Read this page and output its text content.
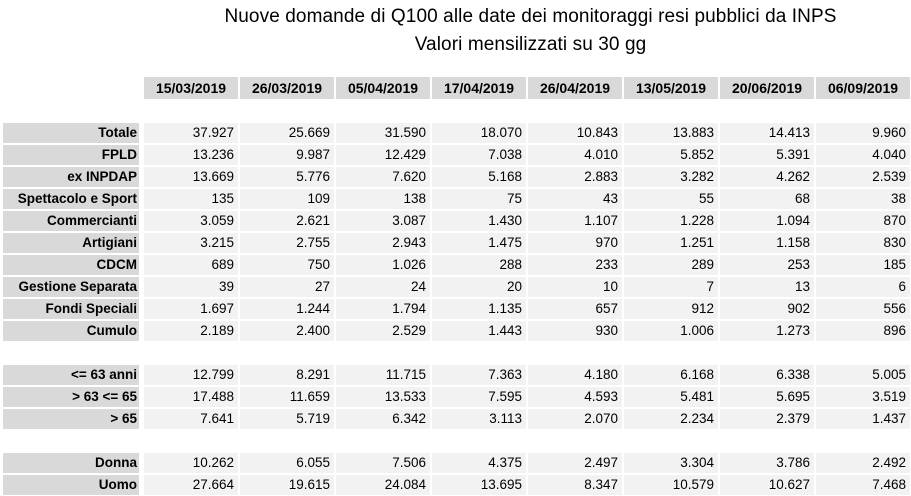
Nuove domande di Q100 alle date dei monitoraggi resi pubblici da INPS
Valori mensilizzati su 30 gg
15/03/2019	26/03/2019	05/04/2019	17/04/2019	26/04/2019	13/05/2019	20/06/2019	06/09/2019
Totale	37.927	25.669	31.590	18.070	10.843	13.883	14.413	9.960
FPLD	13.236	9.987	12.429	7.038	4.010	5.852	5.391	4.040
ex INPDAP	13.669	5.776	7.620	5.168	2.883	3.282	4.262	2.539
Spettacolo e Sport	135	109	138	75	43	55	68	38
Commercianti	3.059	2.621	3.087	1.430	1.107	1.228	1.094	870
Artigiani	3.215	2.755	2.943	1.475	970	1.251	1.158	830
CDCM	689	750	1.026	288	233	289	253	185
Gestione Separata	39	27	24	20	10	7	13	6
Fondi Speciali	1.697	1.244	1.794	1.135	657	912	902	556
Cumulo	2.189	2.400	2.529	1.443	930	1.006	1.273	896
<= 63 anni	12.799	8.291	11.715	7.363	4.180	6.168	6.338	5.005
> 63 <= 65	17.488	11.659	13.533	7.595	4.593	5.481	5.695	3.519
> 65	7.641	5.719	6.342	3.113	2.070	2.234	2.379	1.437
Donna	10.262	6.055	7.506	4.375	2.497	3.304	3.786	2.492
Uomo	27.664	19.615	24.084	13.695	8.347	10.579	10.627	7.468
